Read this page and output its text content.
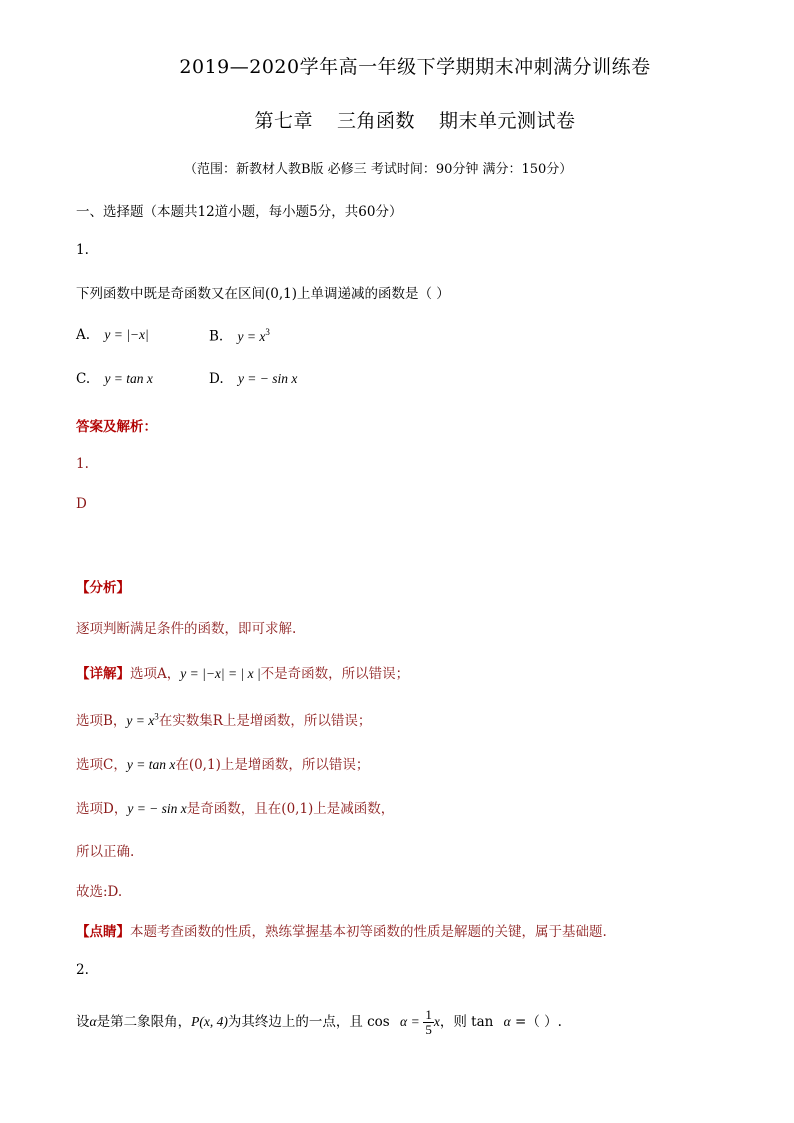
2019—2020学年高一年级下学期期末冲刺满分训练卷
第七章 三角函数 期末单元测试卷
（范围：新教材人教B版 必修三 考试时间：90分钟 满分：150分）
一、选择题（本题共12道小题，每小题5分，共60分）
1.
下列函数中既是奇函数又在区间(0,1)上单调递减的函数是（ ）
A. y = |−x|	B. $y = x^3$
C. y = tan x	D. y = − sin x
答案及解析：
1.
D
【分析】
逐项判断满足条件的函数，即可求解.
【详解】选项A，y = |−x| = | x |不是奇函数，所以错误；
选项B，$y = x^3$在实数集R上是增函数，所以错误；
选项C，y = tan x在(0,1)上是增函数，所以错误；
选项D，y = − sin x是奇函数，且在(0,1)上是减函数，
所以正确.
故选:D.
【点睛】本题考查函数的性质，熟练掌握基本初等函数的性质是解题的关键，属于基础题.
2.
设α是第二象限角，P(x, 4)为其终边上的一点，且 $\cos \alpha = \frac{1}{5}$ x，则 tan α =（ ）.
